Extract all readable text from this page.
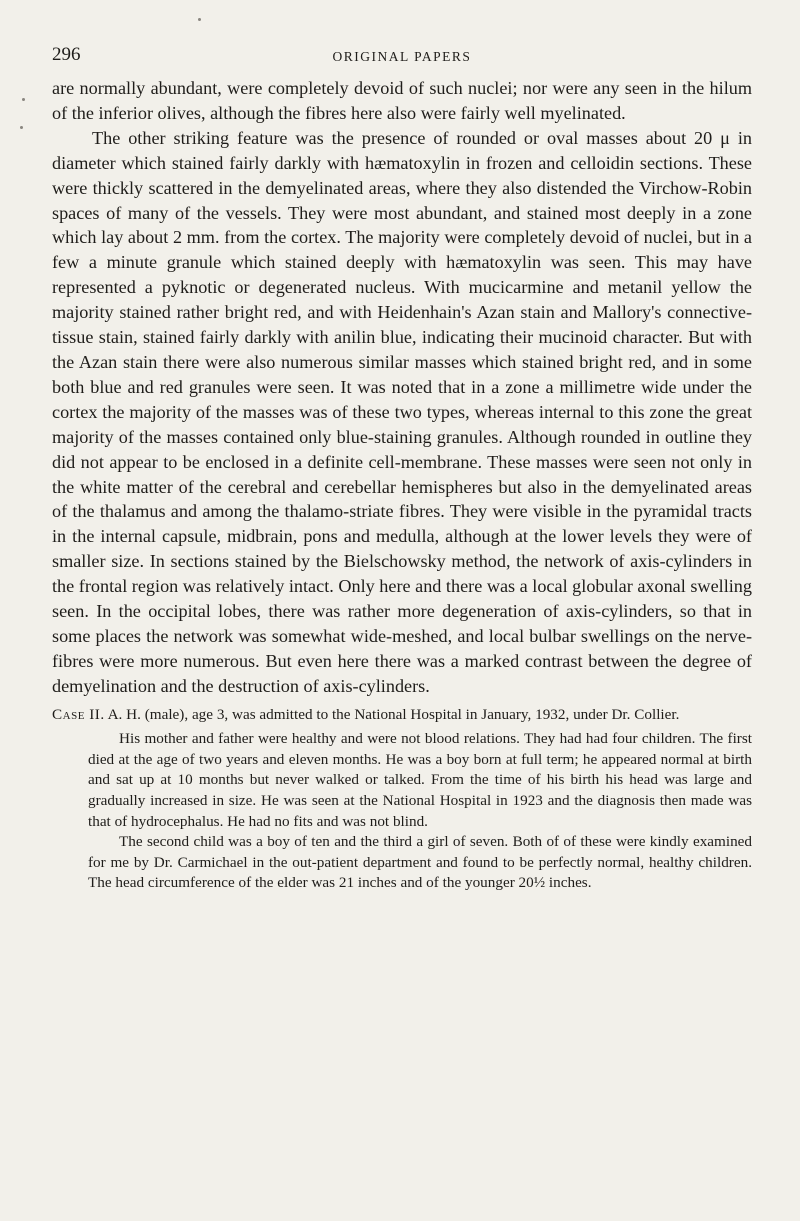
296	ORIGINAL PAPERS

are normally abundant, were completely devoid of such nuclei; nor were any seen in the hilum of the inferior olives, although the fibres here also were fairly well myelinated.

The other striking feature was the presence of rounded or oval masses about 20 μ in diameter which stained fairly darkly with hæmatoxylin in frozen and celloidin sections. These were thickly scattered in the demyelinated areas, where they also distended the Virchow-Robin spaces of many of the vessels. They were most abundant, and stained most deeply in a zone which lay about 2 mm. from the cortex. The majority were completely devoid of nuclei, but in a few a minute granule which stained deeply with hæmatoxylin was seen. This may have represented a pyknotic or degenerated nucleus. With mucicarmine and metanil yellow the majority stained rather bright red, and with Heidenhain's Azan stain and Mallory's connective-tissue stain, stained fairly darkly with anilin blue, indicating their mucinoid character. But with the Azan stain there were also numerous similar masses which stained bright red, and in some both blue and red granules were seen. It was noted that in a zone a millimetre wide under the cortex the majority of the masses was of these two types, whereas internal to this zone the great majority of the masses contained only blue-staining granules. Although rounded in outline they did not appear to be enclosed in a definite cell-membrane. These masses were seen not only in the white matter of the cerebral and cerebellar hemispheres but also in the demyelinated areas of the thalamus and among the thalamo-striate fibres. They were visible in the pyramidal tracts in the internal capsule, midbrain, pons and medulla, although at the lower levels they were of smaller size. In sections stained by the Bielschowsky method, the network of axis-cylinders in the frontal region was relatively intact. Only here and there was a local globular axonal swelling seen. In the occipital lobes, there was rather more degeneration of axis-cylinders, so that in some places the network was somewhat wide-meshed, and local bulbar swellings on the nerve-fibres were more numerous. But even here there was a marked contrast between the degree of demyelination and the destruction of axis-cylinders.

Case II. A. H. (male), age 3, was admitted to the National Hospital in January, 1932, under Dr. Collier.

His mother and father were healthy and were not blood relations. They had had four children. The first died at the age of two years and eleven months. He was a boy born at full term; he appeared normal at birth and sat up at 10 months but never walked or talked. From the time of his birth his head was large and gradually increased in size. He was seen at the National Hospital in 1923 and the diagnosis then made was that of hydrocephalus. He had no fits and was not blind.

The second child was a boy of ten and the third a girl of seven. Both of of these were kindly examined for me by Dr. Carmichael in the out-patient department and found to be perfectly normal, healthy children. The head circumference of the elder was 21 inches and of the younger 20½ inches.
